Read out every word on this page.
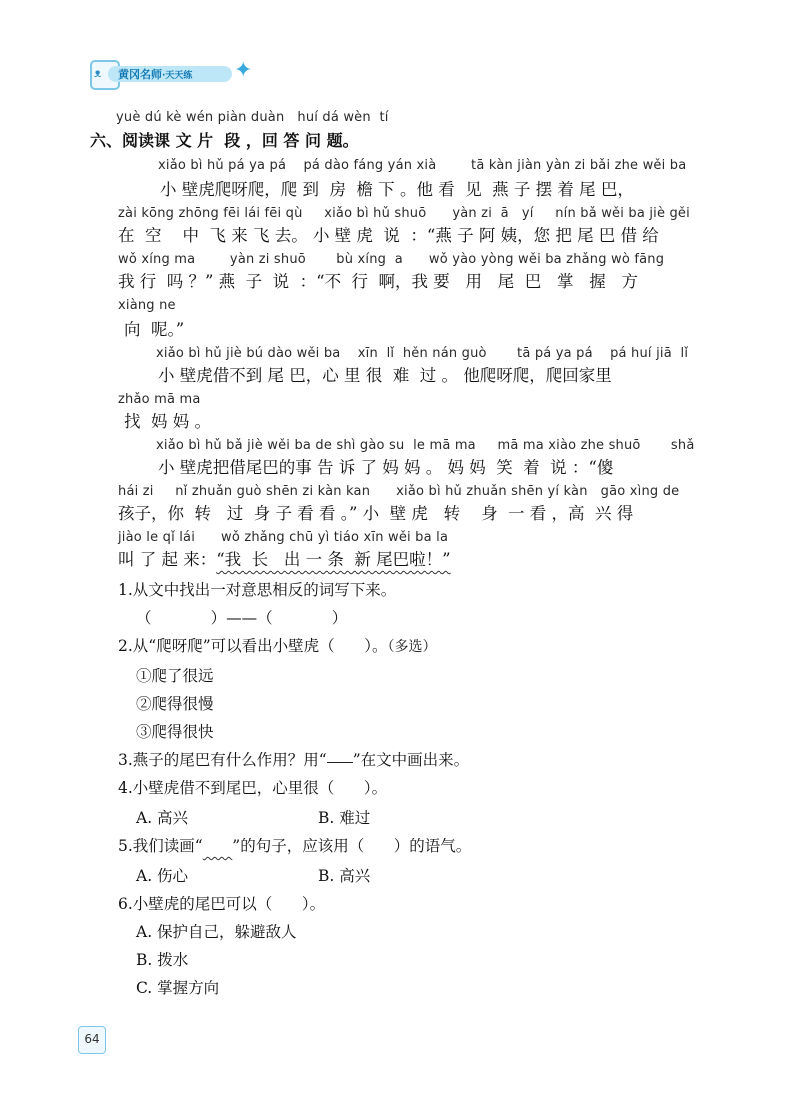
ᴥ 黄冈名师·天天练 ✦
yuè dú kè wén piàn duàn   huí dá wèn  tí
六、阅读课 文 片  段 ，回 答 问 题。
xiǎo bì hǔ pá ya pá    pá dào fáng yán xià        tā kàn jiàn yàn zi bǎi zhe wěi ba
小 壁虎爬呀爬，爬 到  房  檐 下 。他 看  见  燕 子 摆 着 尾 巴，
zài kōng zhōng fēi lái fēi qù     xiǎo bì hǔ shuō      yàn zi  ā   yí     nín bǎ wěi ba jiè gěi
在  空    中  飞 来 飞 去。 小 壁 虎  说  ：“燕 子 阿 姨，您 把 尾 巴 借 给
wǒ xíng ma        yàn zi shuō       bù xíng  a      wǒ yào yòng wěi ba zhǎng wò fāng
我 行  吗 ？” 燕  子  说  ：“不  行  啊，我 要   用   尾  巴   掌   握   方
xiàng ne
向  呢。”
xiǎo bì hǔ jiè bú dào wěi ba    xīn  lǐ  hěn nán guò       tā pá ya pá    pá huí jiā  lǐ
小 壁虎借不到 尾 巴，心 里 很  难  过 。 他爬呀爬，爬回家里
zhǎo mā ma
找  妈 妈 。
xiǎo bì hǔ bǎ jiè wěi ba de shì gào su  le mā ma     mā ma xiào zhe shuō       shǎ
小 壁虎把借尾巴的事 告 诉 了 妈 妈 。 妈 妈  笑  着  说 ：“傻
hái zi     nǐ zhuǎn guò shēn zi kàn kan      xiǎo bì hǔ zhuǎn shēn yí kàn   gāo xìng de
孩子，你  转   过  身 子 看 看 。” 小  壁 虎   转    身  一 看 ，高  兴 得
jiào le qǐ lái      wǒ zhǎng chū yì tiáo xīn wěi ba la
叫 了 起 来：“我  长   出 一 条  新 尾巴啦！”
1.从文中找出一对意思相反的词写下来。
（            ）——（            ）
2.从“爬呀爬”可以看出小壁虎（      ）。（多选）
①爬了很远
②爬得很慢
③爬得很快
3.燕子的尾巴有什么作用？用“ ”在文中画出来。
4.小壁虎借不到尾巴，心里很（      ）。
A. 高兴	B. 难过
5.我们读画“ ”的句子，应该用（      ）的语气。
A. 伤心	B. 高兴
6.小壁虎的尾巴可以（      ）。
A. 保护自己，躲避敌人
B. 拨水
C. 掌握方向
64
